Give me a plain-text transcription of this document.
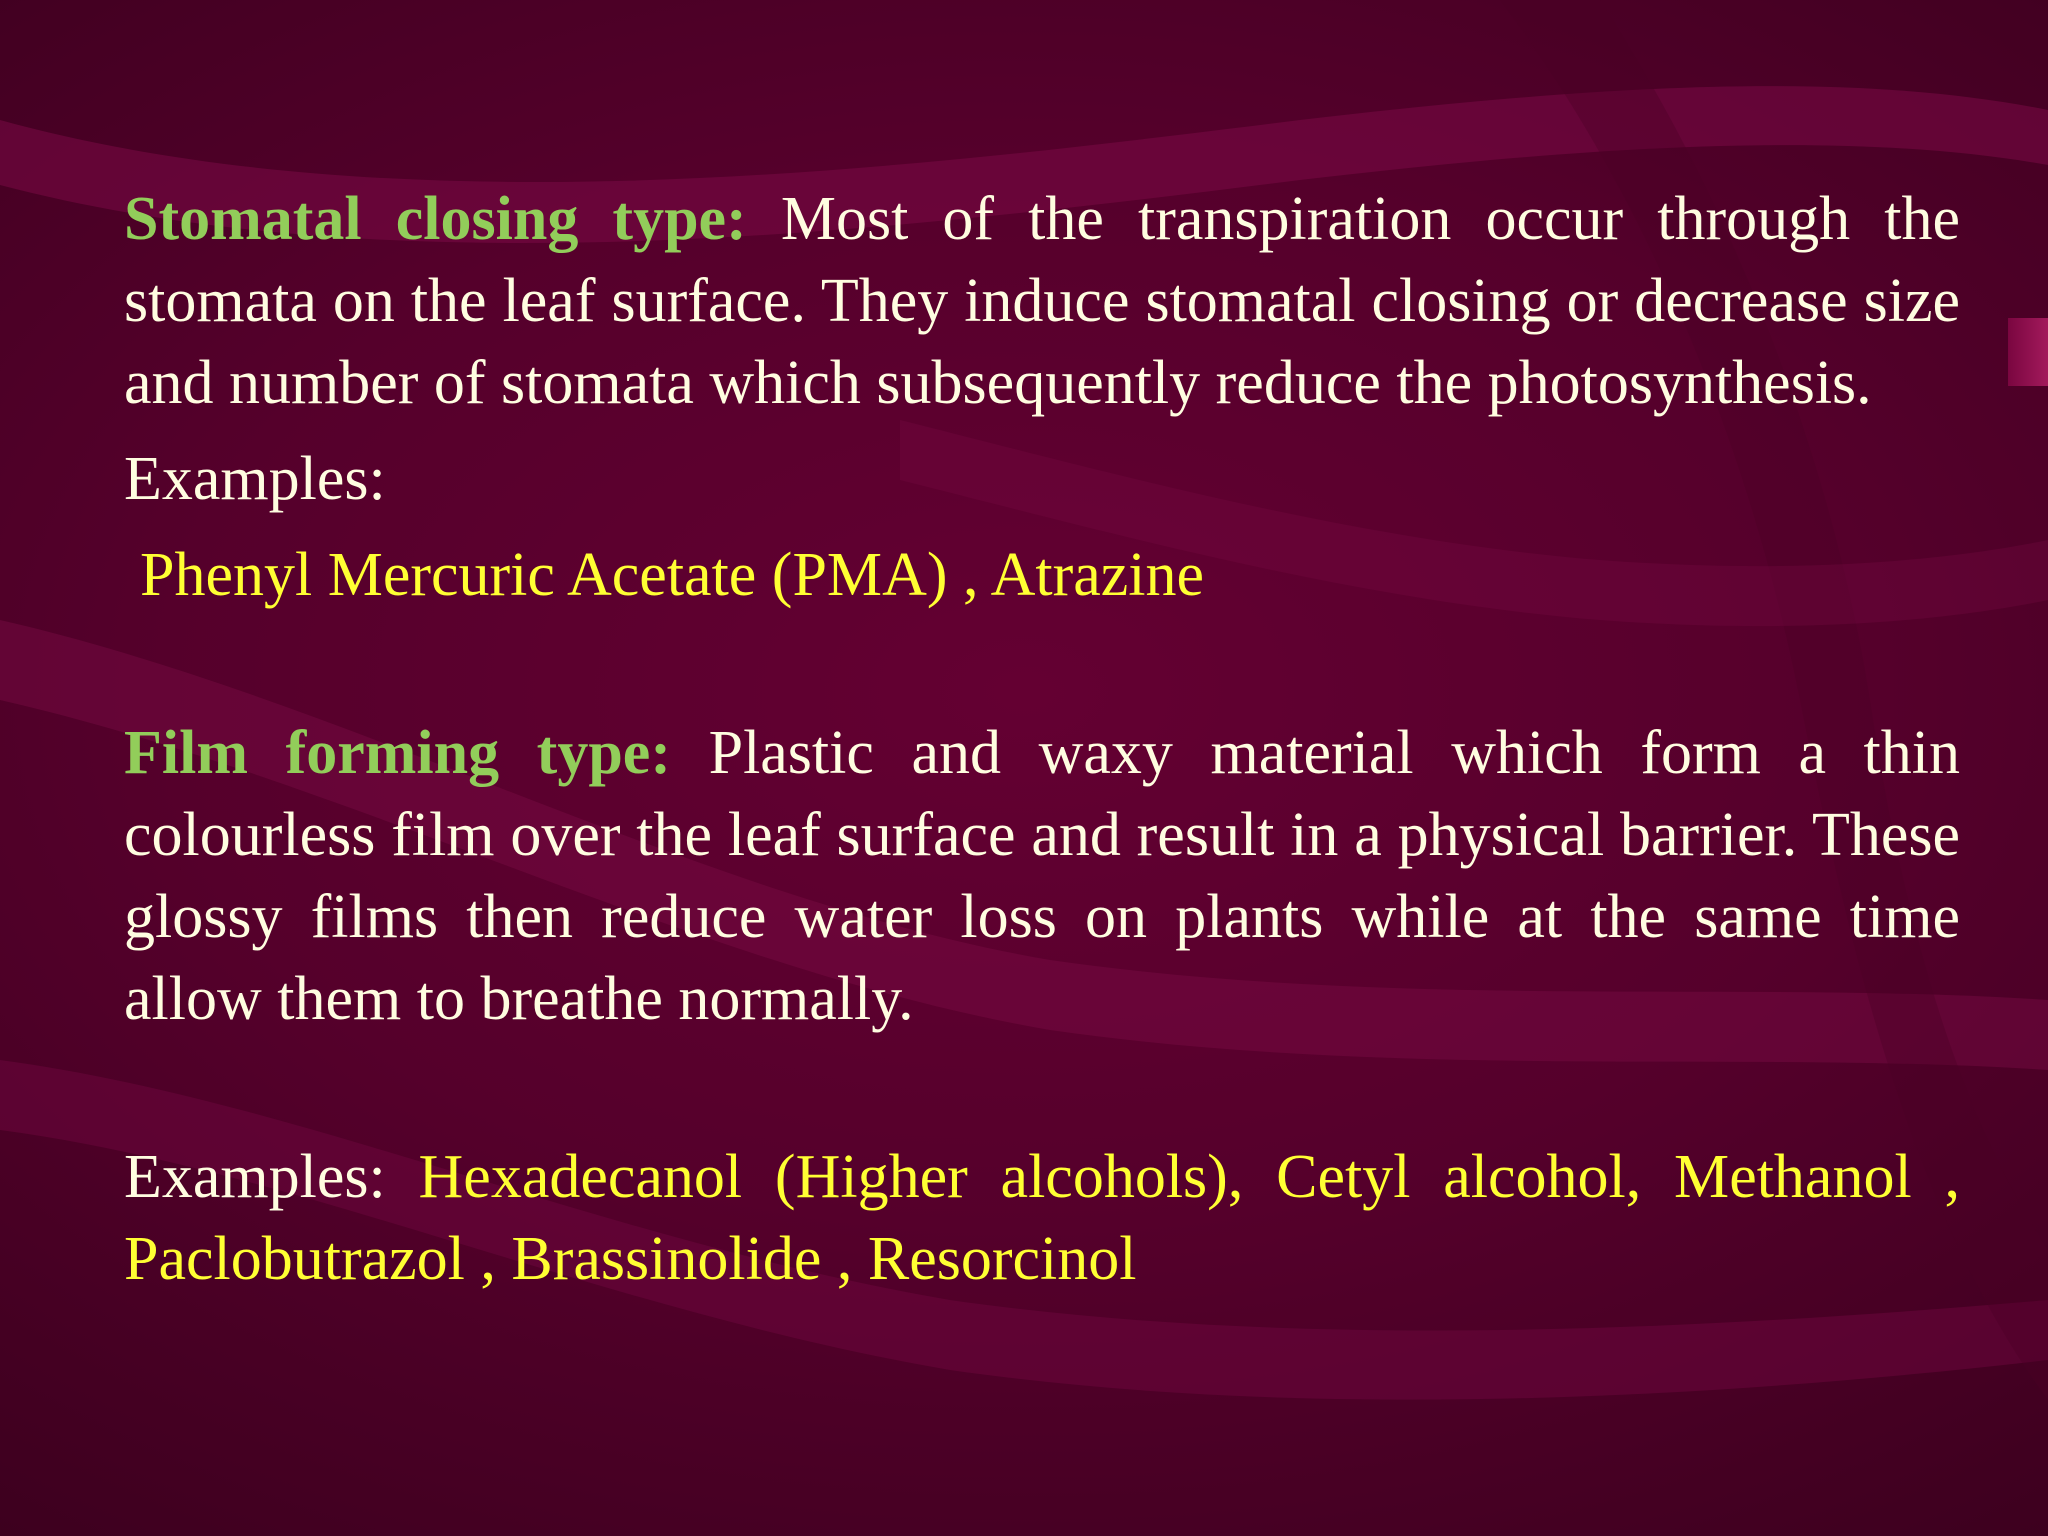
Stomatal closing type: Most of the transpiration occur through the stomata on the leaf surface. They induce stomatal closing or decrease size and number of stomata which subsequently reduce the photosynthesis.

Examples:

Phenyl Mercuric Acetate (PMA) , Atrazine

Film forming type: Plastic and waxy material which form a thin colourless film over the leaf surface and result in a physical barrier. These glossy films then reduce water loss on plants while at the same time allow them to breathe normally.

Examples: Hexadecanol (Higher alcohols), Cetyl alcohol, Methanol , Paclobutrazol , Brassinolide , Resorcinol
